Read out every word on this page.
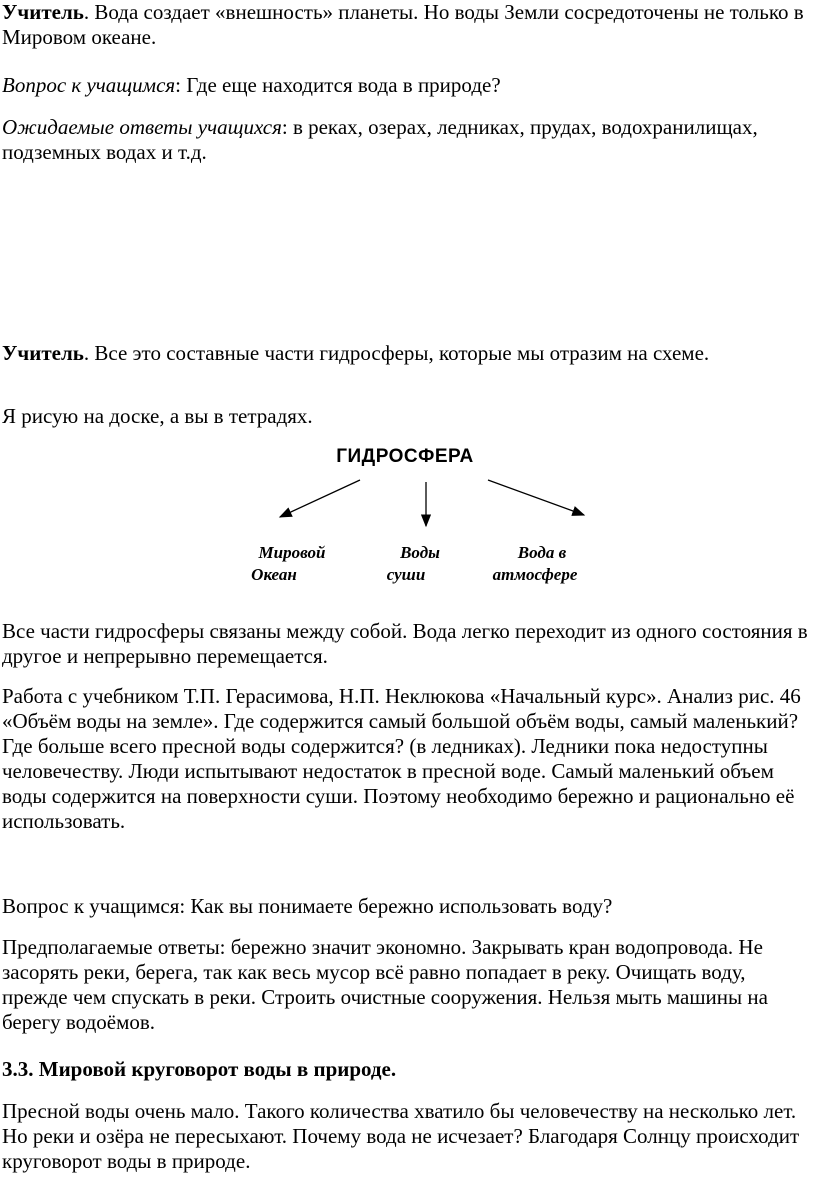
Учитель. Вода создает «внешность» планеты. Но воды Земли сосредоточены не только в Мировом океане.

Вопрос к учащимся: Где еще находится вода в природе?

Ожидаемые ответы учащихся: в реках, озерах, ледниках, прудах, водохранилищах, подземных водах и т.д.

Учитель. Все это составные части гидросферы, которые мы отразим на схеме.

Я рисую на доске, а вы в тетрадях.

ГИДРОСФЕРА
Мировой
Океан
Воды
суши
Вода в
атмосфере

Все части гидросферы связаны между собой. Вода легко переходит из одного состояния в другое и непрерывно перемещается.

Работа с учебником Т.П. Герасимова, Н.П. Неклюкова «Начальный курс». Анализ рис. 46 «Объём воды на земле». Где содержится самый большой объём воды, самый маленький? Где больше всего пресной воды содержится? (в ледниках). Ледники пока недоступны человечеству. Люди испытывают недостаток в пресной воде. Самый маленький объем воды содержится на поверхности суши. Поэтому необходимо бережно и рационально её использовать.

Вопрос к учащимся: Как вы понимаете бережно использовать воду?

Предполагаемые ответы: бережно значит экономно. Закрывать кран водопровода. Не засорять реки, берега, так как весь мусор всё равно попадает в реку. Очищать воду, прежде чем спускать в реки. Строить очистные сооружения. Нельзя мыть машины на берегу водоёмов.

3.3. Мировой круговорот воды в природе.

Пресной воды очень мало. Такого количества хватило бы человечеству на несколько лет. Но реки и озёра не пересыхают. Почему вода не исчезает? Благодаря Солнцу происходит круговорот воды в природе.
